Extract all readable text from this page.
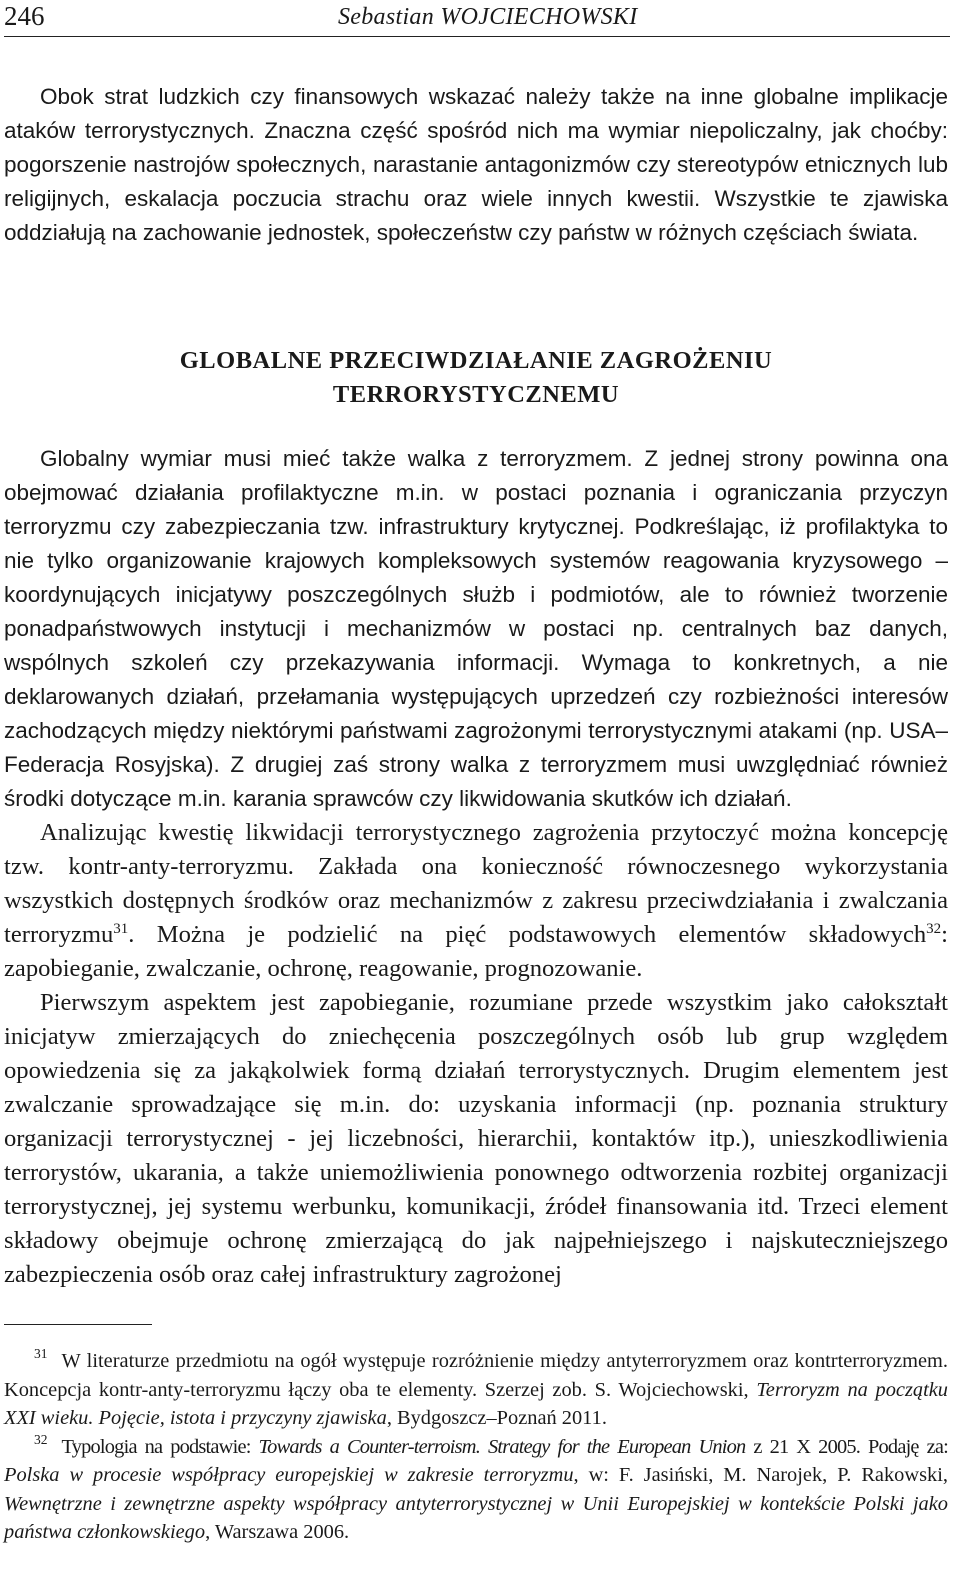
246	Sebastian WOJCIECHOWSKI

Obok strat ludzkich czy finansowych wskazać należy także na inne globalne implikacje ataków terrorystycznych. Znaczna część spośród nich ma wymiar niepoliczalny, jak choćby: pogorszenie nastrojów społecznych, narastanie antagonizmów czy stereotypów etnicznych lub religijnych, eskalacja poczucia strachu oraz wiele innych kwestii. Wszystkie te zjawiska oddziałują na zachowanie jednostek, społeczeństw czy państw w różnych częściach świata.

GLOBALNE PRZECIWDZIAŁANIE ZAGROŻENIU
TERRORYSTYCZNEMU

Globalny wymiar musi mieć także walka z terroryzmem. Z jednej strony powinna ona obejmować działania profilaktyczne m.in. w postaci poznania i ograniczania przyczyn terroryzmu czy zabezpieczania tzw. infrastruktury krytycznej. Podkreślając, iż profilaktyka to nie tylko organizowanie krajowych kompleksowych systemów reagowania kryzysowego – koordynujących inicjatywy poszczególnych służb i podmiotów, ale to również tworzenie ponadpaństwowych instytucji i mechanizmów w postaci np. centralnych baz danych, wspólnych szkoleń czy przekazywania informacji. Wymaga to konkretnych, a nie deklarowanych działań, przełamania występujących uprzedzeń czy rozbieżności interesów zachodzących między niektórymi państwami zagrożonymi terrorystycznymi atakami (np. USA–Federacja Rosyjska). Z drugiej zaś strony walka z terroryzmem musi uwzględniać również środki dotyczące m.in. karania sprawców czy likwidowania skutków ich działań.

Analizując kwestię likwidacji terrorystycznego zagrożenia przytoczyć można koncepcję tzw. kontr-anty-terroryzmu. Zakłada ona konieczność równoczesnego wykorzystania wszystkich dostępnych środków oraz mechanizmów z zakresu przeciwdziałania i zwalczania terroryzmu$^{31}$. Można je podzielić na pięć podstawowych elementów składowych$^{32}$: zapobieganie, zwalczanie, ochronę, reagowanie, prognozowanie.

Pierwszym aspektem jest zapobieganie, rozumiane przede wszystkim jako całokształt inicjatyw zmierzających do zniechęcenia poszczególnych osób lub grup względem opowiedzenia się za jakąkolwiek formą działań terrorystycznych. Drugim elementem jest zwalczanie sprowadzające się m.in. do: uzyskania informacji (np. poznania struktury organizacji terrorystycznej - jej liczebności, hierarchii, kontaktów itp.), unieszkodliwienia terrorystów, ukarania, a także uniemożliwienia ponownego odtworzenia rozbitej organizacji terrorystycznej, jej systemu werbunku, komunikacji, źródeł finansowania itd. Trzeci element składowy obejmuje ochronę zmierzającą do jak najpełniejszego i najskuteczniejszego zabezpieczenia osób oraz całej infrastruktury zagrożonej

$^{31}$ W literaturze przedmiotu na ogół występuje rozróżnienie między antyterroryzmem oraz kontrterroryzmem. Koncepcja kontr-anty-terroryzmu łączy oba te elementy. Szerzej zob. S. Wojciechowski, Terroryzm na początku XXI wieku. Pojęcie, istota i przyczyny zjawiska, Bydgoszcz–Poznań 2011.

$^{32}$ Typologia na podstawie: Towards a Counter-terroism. Strategy for the European Union z 21 X 2005. Podaję za: Polska w procesie współpracy europejskiej w zakresie terroryzmu, w: F. Jasiński, M. Narojek, P. Rakowski, Wewnętrzne i zewnętrzne aspekty współpracy antyterrorystycznej w Unii Europejskiej w kontekście Polski jako państwa członkowskiego, Warszawa 2006.
